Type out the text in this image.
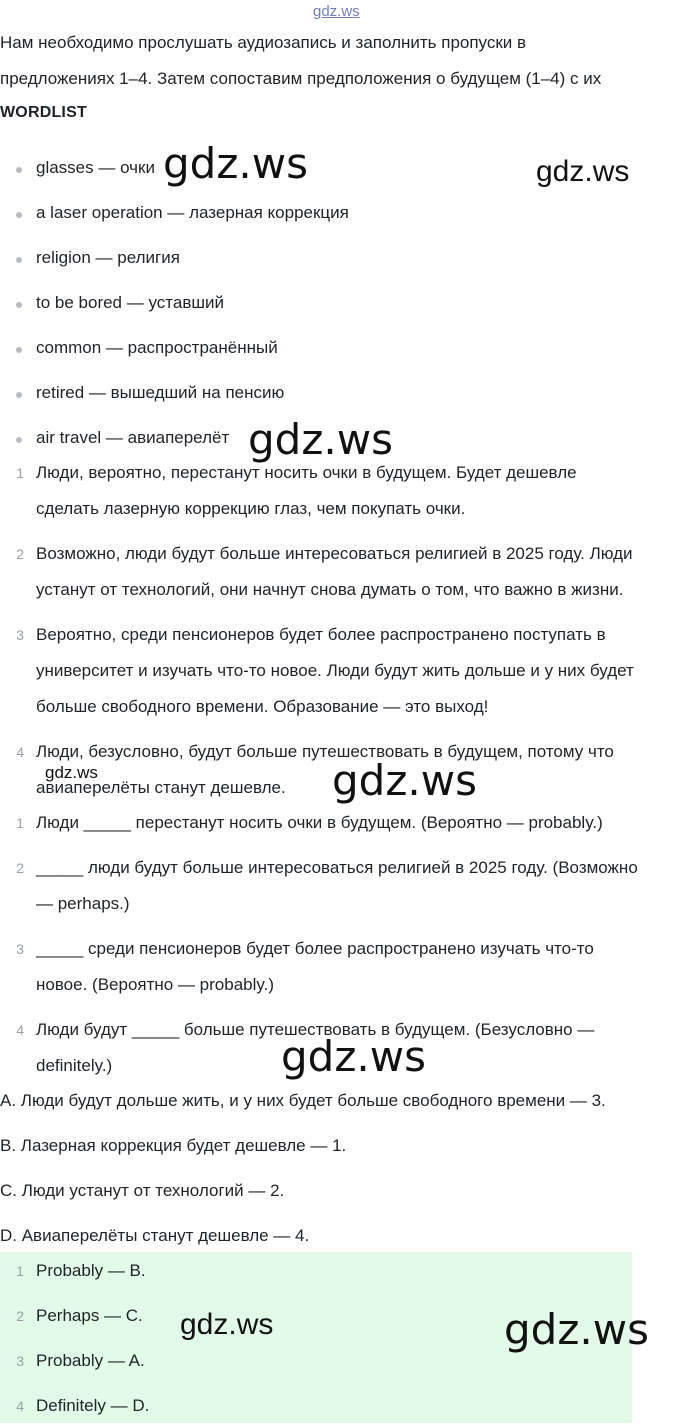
gdz.ws
Нам необходимо прослушать аудиозапись и заполнить пропуски в
предложениях 1–4. Затем сопоставим предположения о будущем (1–4) с их
WORDLIST
glasses — очки
a laser operation — лазерная коррекция
religion — религия
to be bored — уставший
common — распространённый
retired — вышедший на пенсию
air travel — авиаперелёт
1 Люди, вероятно, перестанут носить очки в будущем. Будет дешевле
сделать лазерную коррекцию глаз, чем покупать очки.
2 Возможно, люди будут больше интересоваться религией в 2025 году. Люди
устанут от технологий, они начнут снова думать о том, что важно в жизни.
3 Вероятно, среди пенсионеров будет более распространено поступать в
университет и изучать что-то новое. Люди будут жить дольше и у них будет
больше свободного времени. Образование — это выход!
4 Люди, безусловно, будут больше путешествовать в будущем, потому что
авиаперелёты станут дешевле.
1 Люди _____ перестанут носить очки в будущем. (Вероятно — probably.)
2 _____ люди будут больше интересоваться религией в 2025 году. (Возможно
— perhaps.)
3 _____ среди пенсионеров будет более распространено изучать что-то
новое. (Вероятно — probably.)
4 Люди будут _____ больше путешествовать в будущем. (Безусловно —
definitely.)
A. Люди будут дольше жить, и у них будет больше свободного времени — 3.
B. Лазерная коррекция будет дешевле — 1.
C. Люди устанут от технологий — 2.
D. Авиаперелёты станут дешевле — 4.
1 Probably — B.
2 Perhaps — C.
3 Probably — A.
4 Definitely — D.
gdz.ws	gdz.ws
gdz.ws
gdz.ws	gdz.ws
gdz.ws
gdz.ws	gdz.ws
